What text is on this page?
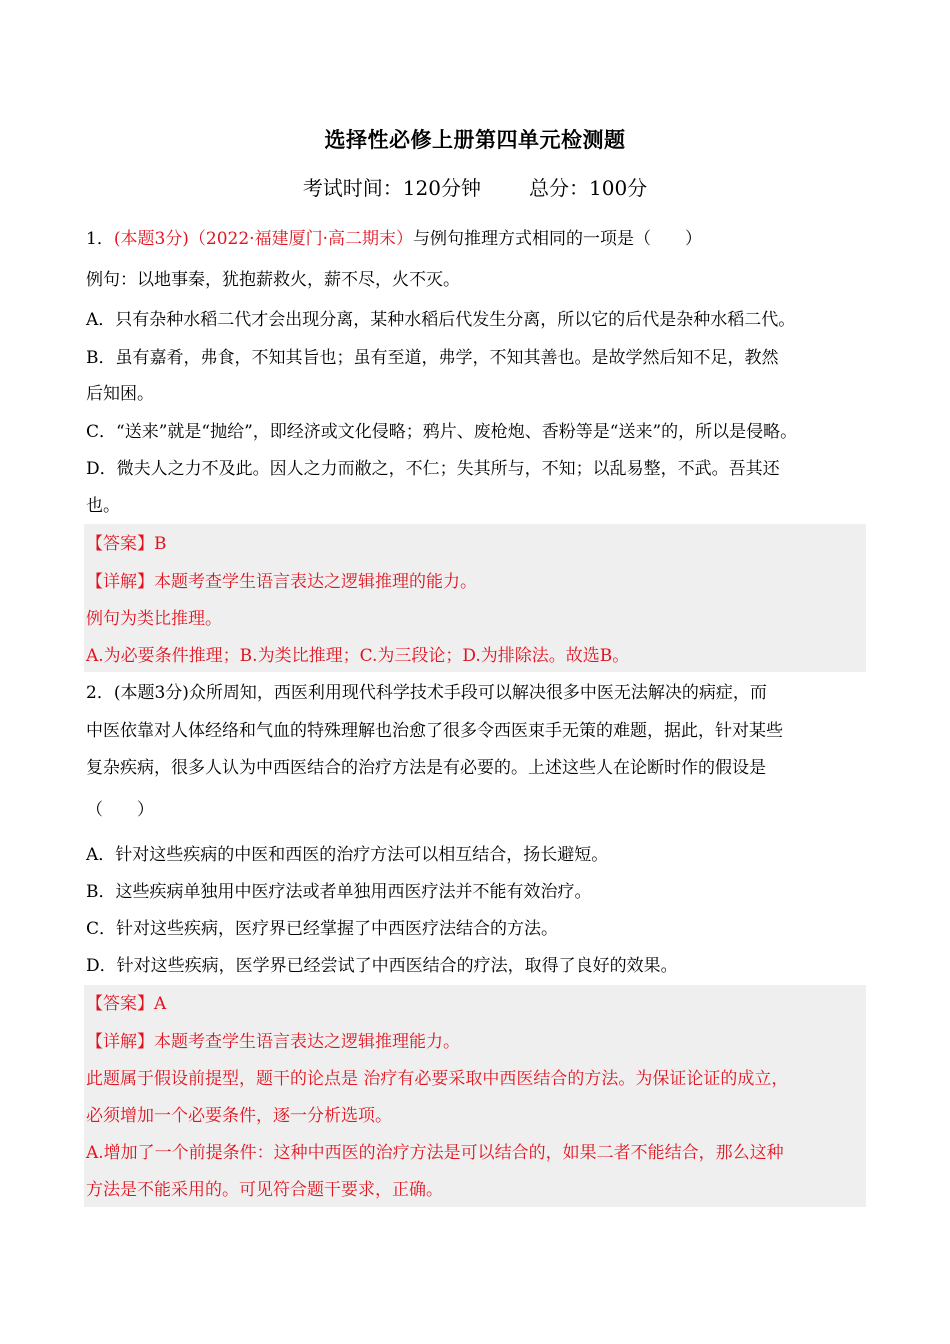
选择性必修上册第四单元检测题
考试时间：120分钟 总分：100分
1．(本题3分)（2022·福建厦门·高二期末）与例句推理方式相同的一项是（　　）
例句：以地事秦，犹抱薪救火，薪不尽，火不灭。
A．只有杂种水稻二代才会出现分离，某种水稻后代发生分离，所以它的后代是杂种水稻二代。
B．虽有嘉肴，弗食，不知其旨也；虽有至道，弗学，不知其善也。是故学然后知不足，教然
后知困。
C．“送来”就是“抛给”，即经济或文化侵略；鸦片、废枪炮、香粉等是“送来”的，所以是侵略。
D．微夫人之力不及此。因人之力而敝之，不仁；失其所与，不知；以乱易整，不武。吾其还
也。
【答案】B
【详解】本题考查学生语言表达之逻辑推理的能力。
例句为类比推理。
A.为必要条件推理；B.为类比推理；C.为三段论；D.为排除法。故选B。
2．(本题3分)众所周知，西医利用现代科学技术手段可以解决很多中医无法解决的病症，而
中医依靠对人体经络和气血的特殊理解也治愈了很多令西医束手无策的难题，据此，针对某些
复杂疾病，很多人认为中西医结合的治疗方法是有必要的。上述这些人在论断时作的假设是
（　　）
A．针对这些疾病的中医和西医的治疗方法可以相互结合，扬长避短。
B．这些疾病单独用中医疗法或者单独用西医疗法并不能有效治疗。
C．针对这些疾病，医疗界已经掌握了中西医疗法结合的方法。
D．针对这些疾病，医学界已经尝试了中西医结合的疗法，取得了良好的效果。
【答案】A
【详解】本题考查学生语言表达之逻辑推理能力。
此题属于假设前提型，题干的论点是 治疗有必要采取中西医结合的方法。为保证论证的成立，
必须增加一个必要条件，逐一分析选项。
A.增加了一个前提条件：这种中西医的治疗方法是可以结合的，如果二者不能结合，那么这种
方法是不能采用的。可见符合题干要求，正确。
